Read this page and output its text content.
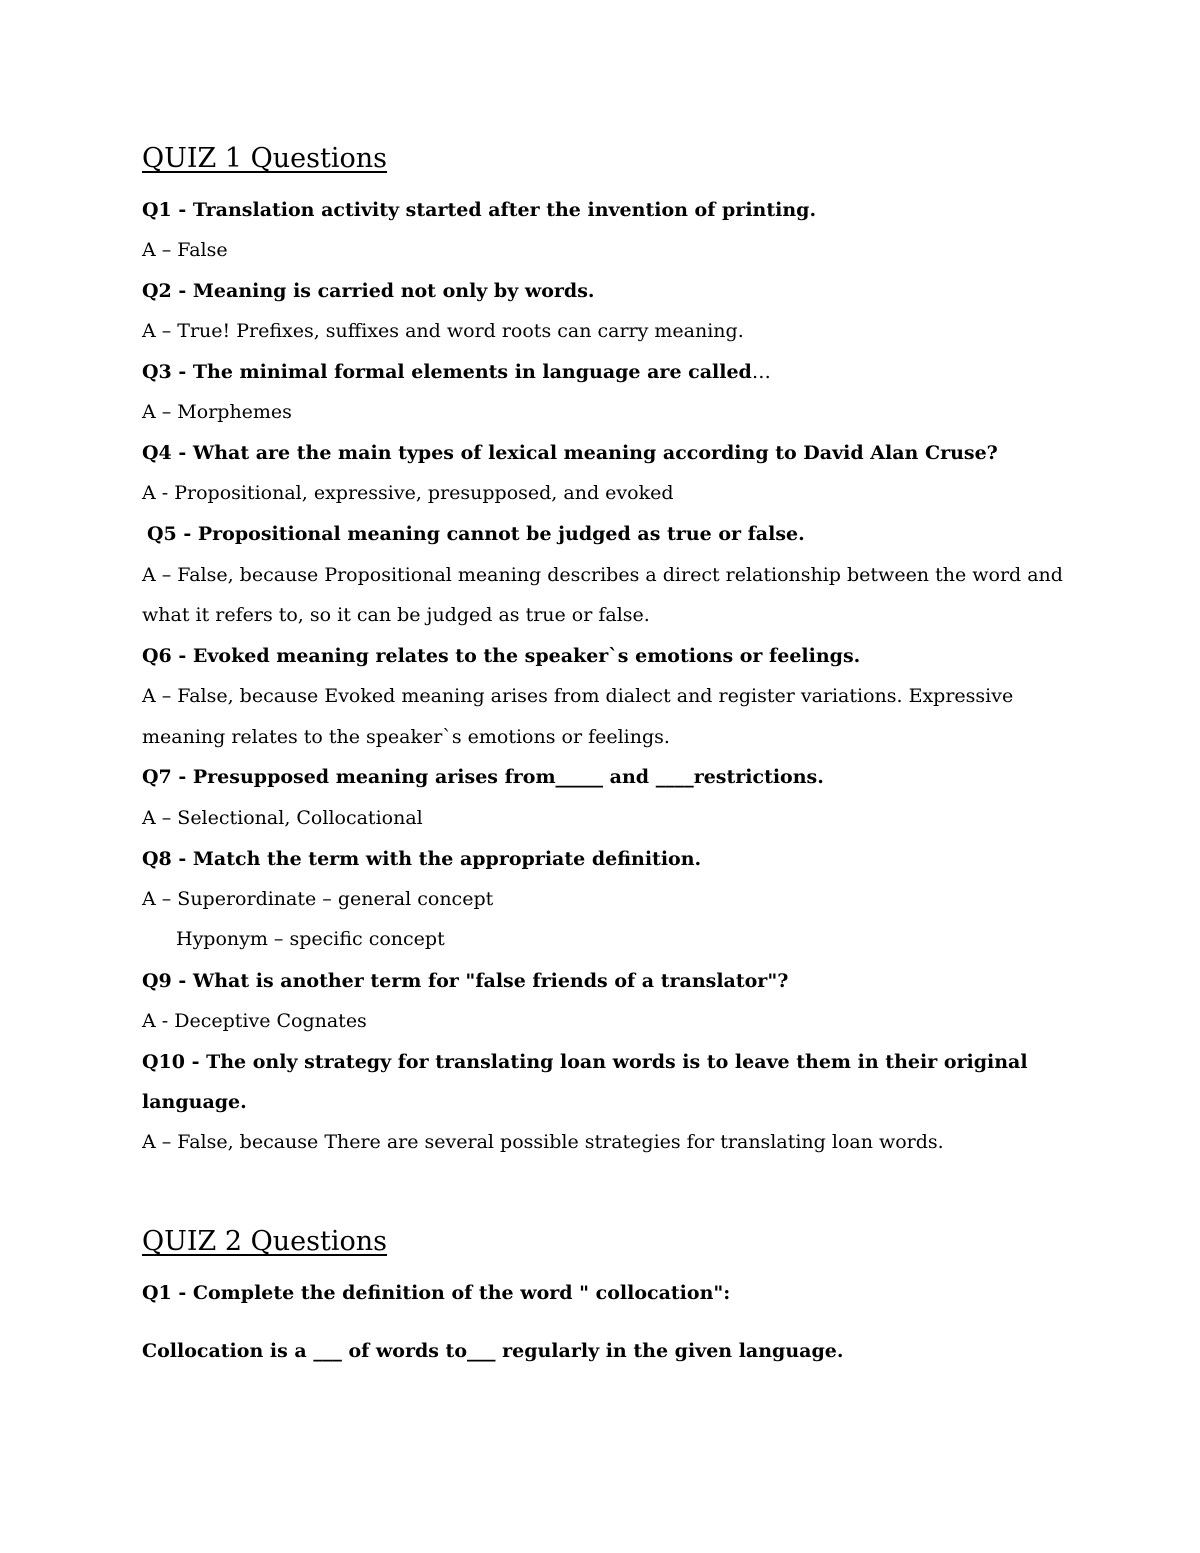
QUIZ 1 Questions
Q1 - Translation activity started after the invention of printing.
A – False
Q2 - Meaning is carried not only by words.
A – True! Prefixes, suffixes and word roots can carry meaning.
Q3 - The minimal formal elements in language are called…
A – Morphemes
Q4 - What are the main types of lexical meaning according to David Alan Cruse?
A - Propositional, expressive, presupposed, and evoked
Q5 - Propositional meaning cannot be judged as true or false.
A – False, because Propositional meaning describes a direct relationship between the word and
what it refers to, so it can be judged as true or false.
Q6 - Evoked meaning relates to the speaker`s emotions or feelings.
A – False, because Evoked meaning arises from dialect and register variations. Expressive
meaning relates to the speaker`s emotions or feelings.
Q7 - Presupposed meaning arises from_____ and ____restrictions.
A – Selectional, Collocational
Q8 - Match the term with the appropriate definition.
A – Superordinate – general concept
Hyponym – specific concept
Q9 - What is another term for "false friends of a translator"?
A - Deceptive Cognates
Q10 - The only strategy for translating loan words is to leave them in their original
language.
A – False, because There are several possible strategies for translating loan words.
QUIZ 2 Questions
Q1 - Complete the definition of the word " collocation":
Collocation is a ___ of words to___ regularly in the given language.
